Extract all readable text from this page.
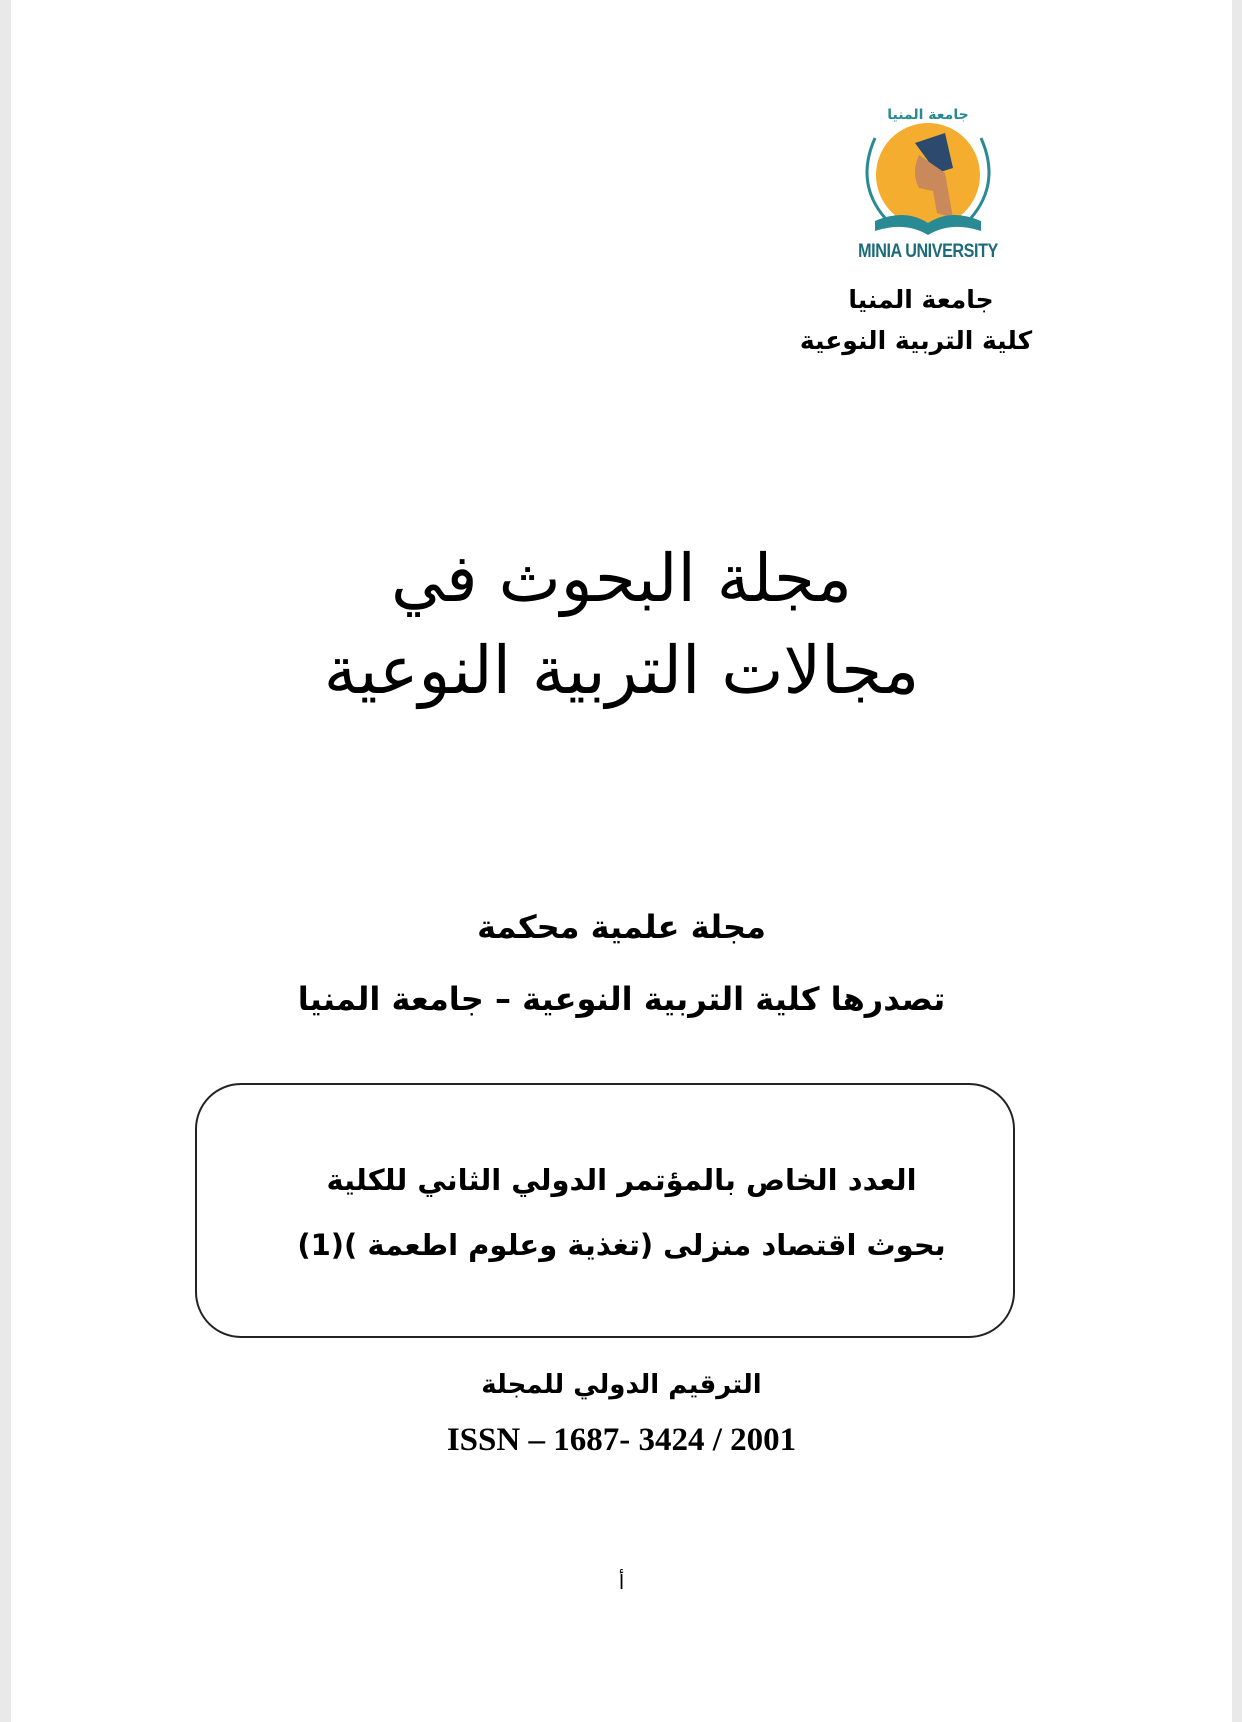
جامعة المنيا
MINIA UNIVERSITY
جامعة المنيا
كلية التربية النوعية
مجلة البحوث في
مجالات التربية النوعية
مجلة علمية محكمة
تصدرها كلية التربية النوعية – جامعة المنيا
العدد الخاص بالمؤتمر الدولي الثاني للكلية
بحوث اقتصاد منزلى (تغذية وعلوم اطعمة )(1)
الترقيم الدولي للمجلة
ISSN – 1687- 3424 / 2001
أ
